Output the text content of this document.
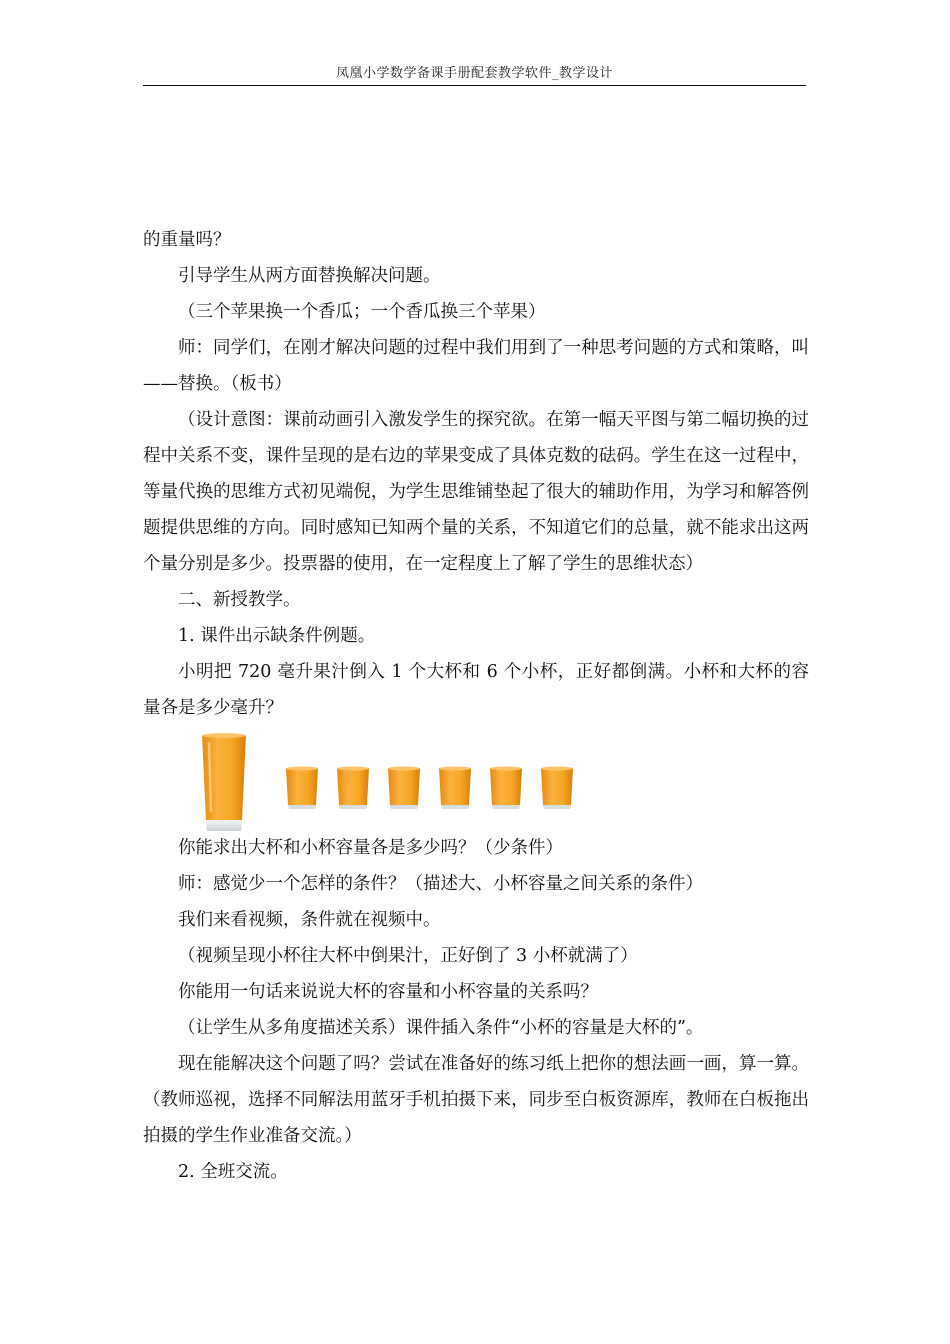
凤凰小学数学备课手册配套教学软件_教学设计

的重量吗？

引导学生从两方面替换解决问题。

（三个苹果换一个香瓜；一个香瓜换三个苹果）

师：同学们，在刚才解决问题的过程中我们用到了一种思考问题的方式和策略，叫——替换。（板书）

（设计意图：课前动画引入激发学生的探究欲。在第一幅天平图与第二幅切换的过程中关系不变，课件呈现的是右边的苹果变成了具体克数的砝码。学生在这一过程中，等量代换的思维方式初见端倪，为学生思维铺垫起了很大的辅助作用，为学习和解答例题提供思维的方向。同时感知已知两个量的关系，不知道它们的总量，就不能求出这两个量分别是多少。投票器的使用，在一定程度上了解了学生的思维状态）

二、新授教学。

1. 课件出示缺条件例题。

小明把 720 毫升果汁倒入 1 个大杯和 6 个小杯，正好都倒满。小杯和大杯的容量各是多少毫升？

你能求出大杯和小杯容量各是多少吗？（少条件）

师：感觉少一个怎样的条件？（描述大、小杯容量之间关系的条件）

我们来看视频，条件就在视频中。

（视频呈现小杯往大杯中倒果汁，正好倒了 3 小杯就满了）

你能用一句话来说说大杯的容量和小杯容量的关系吗？

（让学生从多角度描述关系）课件插入条件“小杯的容量是大杯的”。

现在能解决这个问题了吗？尝试在准备好的练习纸上把你的想法画一画，算一算。（教师巡视，选择不同解法用蓝牙手机拍摄下来，同步至白板资源库，教师在白板拖出拍摄的学生作业准备交流。）

2. 全班交流。
